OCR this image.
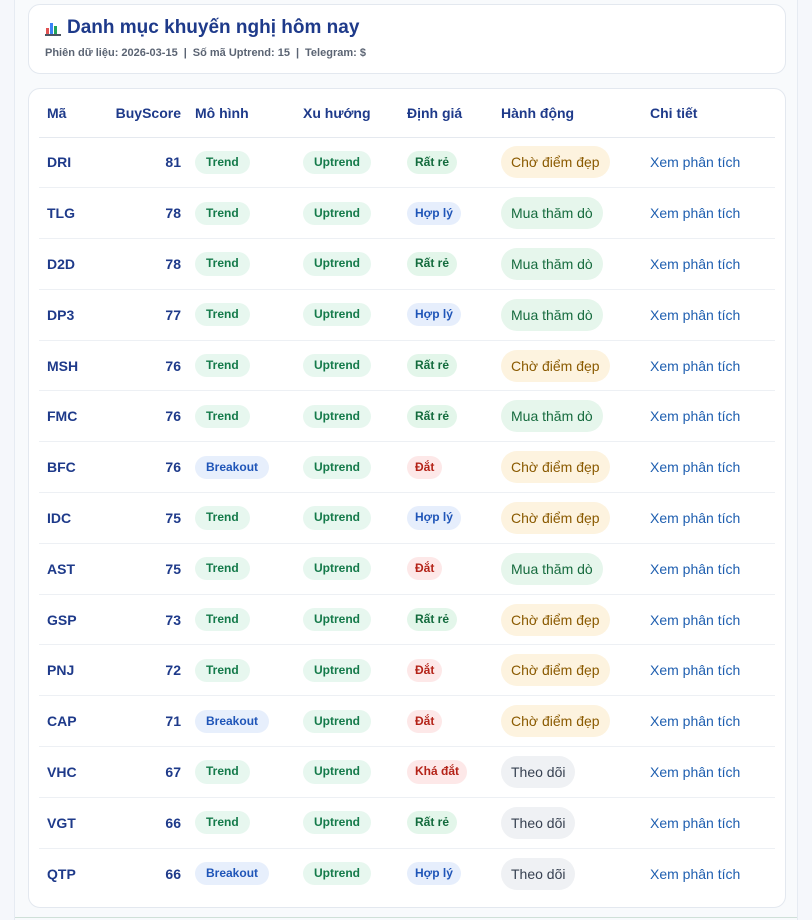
Danh mục khuyến nghị hôm nay
Phiên dữ liệu: 2026-03-15 | Số mã Uptrend: 15 | Telegram: $
Mã	BuyScore	Mô hình	Xu hướng	Định giá	Hành động	Chi tiết
DRI	81	Trend	Uptrend	Rất rẻ	Chờ điểm đẹp	Xem phân tích
TLG	78	Trend	Uptrend	Hợp lý	Mua thăm dò	Xem phân tích
D2D	78	Trend	Uptrend	Rất rẻ	Mua thăm dò	Xem phân tích
DP3	77	Trend	Uptrend	Hợp lý	Mua thăm dò	Xem phân tích
MSH	76	Trend	Uptrend	Rất rẻ	Chờ điểm đẹp	Xem phân tích
FMC	76	Trend	Uptrend	Rất rẻ	Mua thăm dò	Xem phân tích
BFC	76	Breakout	Uptrend	Đắt	Chờ điểm đẹp	Xem phân tích
IDC	75	Trend	Uptrend	Hợp lý	Chờ điểm đẹp	Xem phân tích
AST	75	Trend	Uptrend	Đắt	Mua thăm dò	Xem phân tích
GSP	73	Trend	Uptrend	Rất rẻ	Chờ điểm đẹp	Xem phân tích
PNJ	72	Trend	Uptrend	Đắt	Chờ điểm đẹp	Xem phân tích
CAP	71	Breakout	Uptrend	Đắt	Chờ điểm đẹp	Xem phân tích
VHC	67	Trend	Uptrend	Khá đắt	Theo dõi	Xem phân tích
VGT	66	Trend	Uptrend	Rất rẻ	Theo dõi	Xem phân tích
QTP	66	Breakout	Uptrend	Hợp lý	Theo dõi	Xem phân tích
